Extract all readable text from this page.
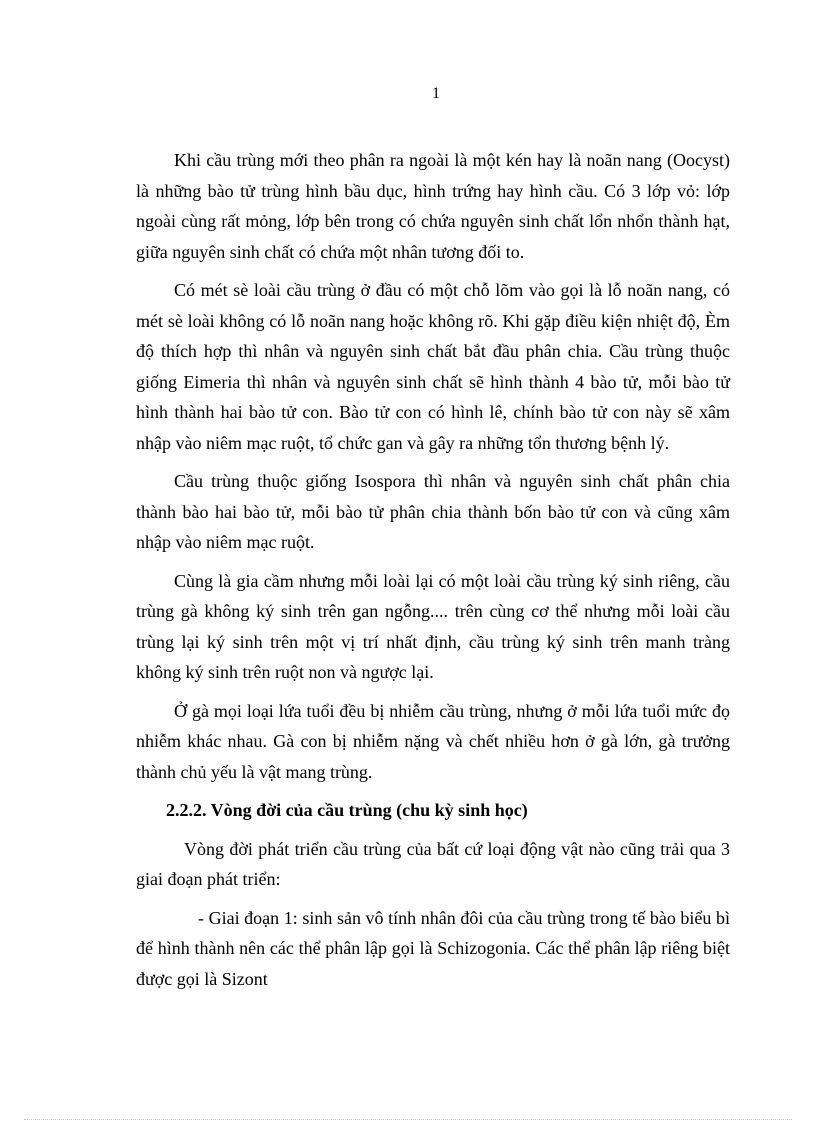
1

Khi cầu trùng mới theo phân ra ngoài là một kén hay là noãn nang (Oocyst) là những bào tử trùng hình bầu dục, hình trứng hay hình cầu. Có 3 lớp vỏ: lớp ngoài cùng rất mỏng, lớp bên trong có chứa nguyên sinh chất lổn nhổn thành hạt, giữa nguyên sinh chất có chứa một nhân tương đối to.

Có mét sè loài cầu trùng ở đầu có một chỗ lõm vào gọi là lỗ noãn nang, có mét sè loài không có lỗ noãn nang hoặc không rõ. Khi gặp điều kiện nhiệt độ, Èm độ thích hợp thì nhân và nguyên sinh chất bắt đầu phân chia. Cầu trùng thuộc giống Eimeria thì nhân và nguyên sinh chất sẽ hình thành 4 bào tử, mỗi bào tử hình thành hai bào tử con. Bào tử con có hình lê, chính bào tử con này sẽ xâm nhập vào niêm mạc ruột, tổ chức gan và gây ra những tổn thương bệnh lý.

Cầu trùng thuộc giống Isospora thì nhân và nguyên sinh chất phân chia thành bào hai bào tử, mỗi bào tử phân chia thành bốn bào tử con và cũng xâm nhập vào niêm mạc ruột.

Cùng là gia cầm nhưng mỗi loài lại có một loài cầu trùng ký sinh riêng, cầu trùng gà không ký sinh trên gan ngỗng.... trên cùng cơ thể nhưng mỗi loài cầu trùng lại ký sinh trên một vị trí nhất định, cầu trùng ký sinh trên manh tràng không ký sinh trên ruột non và ngược lại.

Ở gà mọi loại lứa tuổi đều bị nhiễm cầu trùng, nhưng ở mỗi lứa tuổi mức đọ nhiễm khác nhau. Gà con bị nhiễm nặng và chết nhiều hơn ở gà lớn, gà trưởng thành chủ yếu là vật mang trùng.

2.2.2. Vòng đời của cầu trùng (chu kỳ sinh học)

Vòng đời phát triển cầu trùng của bất cứ loại động vật nào cũng trải qua 3 giai đoạn phát triển:

- Giai đoạn 1: sinh sản vô tính nhân đôi của cầu trùng trong tế bào biểu bì để hình thành nên các thể phân lập gọi là Schizogonia. Các thể phân lập riêng biệt được gọi là Sizont
